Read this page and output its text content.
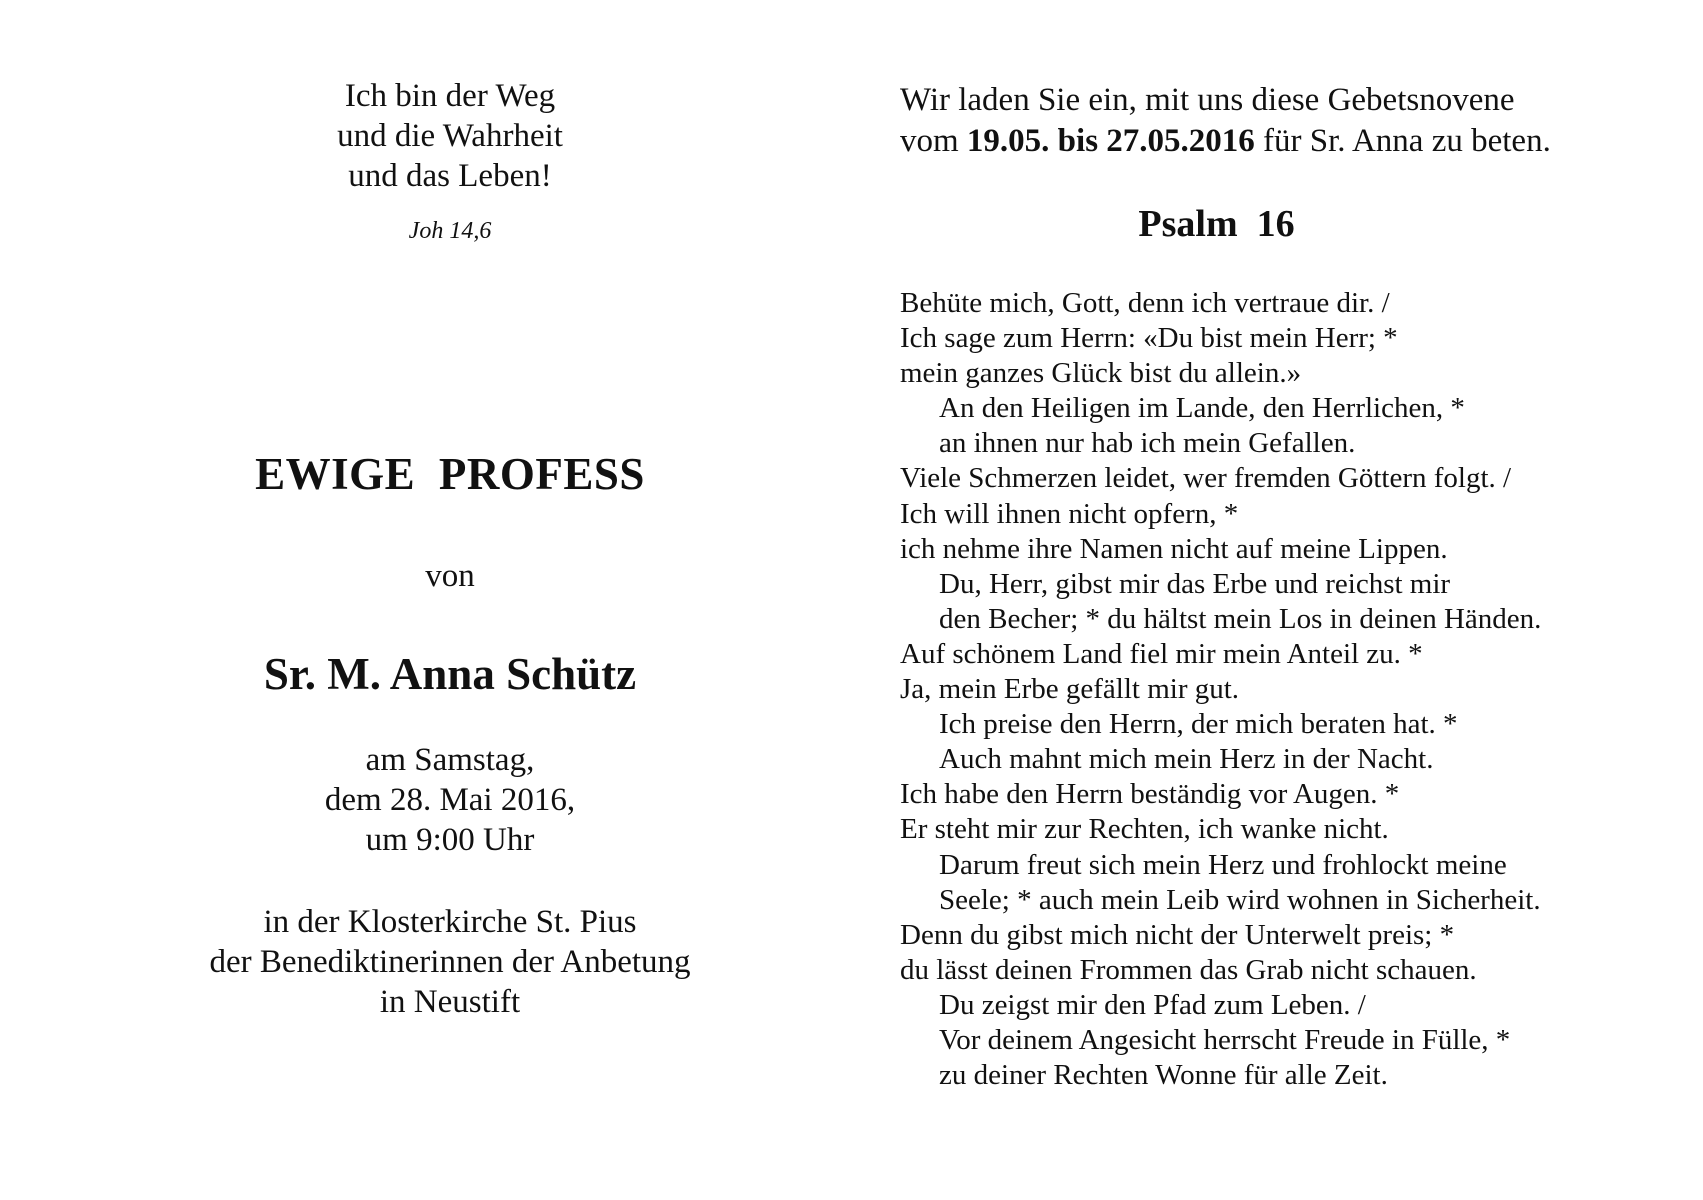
Ich bin der Weg
und die Wahrheit
und das Leben!
Joh 14,6
EWIGE PROFESS
von
Sr. M. Anna Schütz
am Samstag,
dem 28. Mai 2016,
um 9:00 Uhr
in der Klosterkirche St. Pius
der Benediktinerinnen der Anbetung
in Neustift
Wir laden Sie ein, mit uns diese Gebetsnovene
vom 19.05. bis 27.05.2016 für Sr. Anna zu beten.
Psalm  16
Behüte mich, Gott, denn ich vertraue dir. /
Ich sage zum Herrn: «Du bist mein Herr; *
mein ganzes Glück bist du allein.»
An den Heiligen im Lande, den Herrlichen, *
an ihnen nur hab ich mein Gefallen.
Viele Schmerzen leidet, wer fremden Göttern folgt. /
Ich will ihnen nicht opfern, *
ich nehme ihre Namen nicht auf meine Lippen.
Du, Herr, gibst mir das Erbe und reichst mir
den Becher; * du hältst mein Los in deinen Händen.
Auf schönem Land fiel mir mein Anteil zu. *
Ja, mein Erbe gefällt mir gut.
Ich preise den Herrn, der mich beraten hat. *
Auch mahnt mich mein Herz in der Nacht.
Ich habe den Herrn beständig vor Augen. *
Er steht mir zur Rechten, ich wanke nicht.
Darum freut sich mein Herz und frohlockt meine
Seele; * auch mein Leib wird wohnen in Sicherheit.
Denn du gibst mich nicht der Unterwelt preis; *
du lässt deinen Frommen das Grab nicht schauen.
Du zeigst mir den Pfad zum Leben. /
Vor deinem Angesicht herrscht Freude in Fülle, *
zu deiner Rechten Wonne für alle Zeit.
